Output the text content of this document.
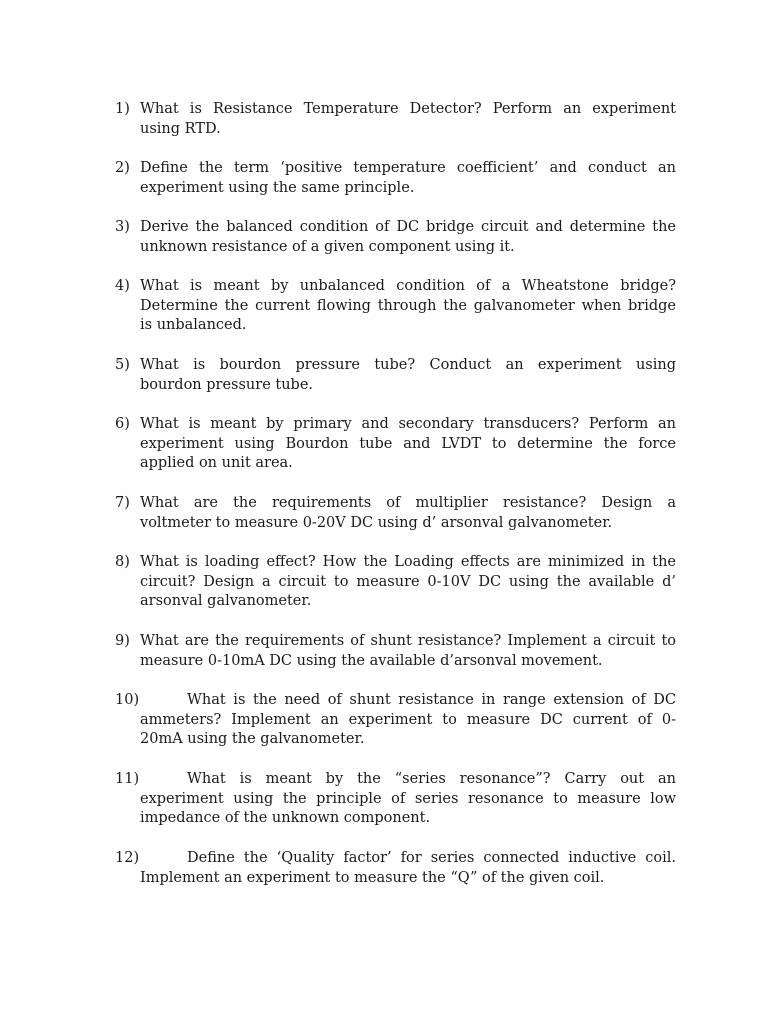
1) What is Resistance Temperature Detector? Perform an experiment
using RTD.
2) Define the term ‘positive temperature coefficient’ and conduct an
experiment using the same principle.
3) Derive the balanced condition of DC bridge circuit and determine the
unknown resistance of a given component using it.
4) What is meant by unbalanced condition of a Wheatstone bridge?
Determine the current flowing through the galvanometer when bridge
is unbalanced.
5) What is bourdon pressure tube? Conduct an experiment using
bourdon pressure tube.
6) What is meant by primary and secondary transducers? Perform an
experiment using Bourdon tube and LVDT to determine the force
applied on unit area.
7) What are the requirements of multiplier resistance? Design a
voltmeter to measure 0-20V DC using d’ arsonval galvanometer.
8) What is loading effect? How the Loading effects are minimized in the
circuit? Design a circuit to measure 0-10V DC using the available d’
arsonval galvanometer.
9) What are the requirements of shunt resistance? Implement a circuit to
measure 0-10mA DC using the available d’arsonval movement.
10)	What is the need of shunt resistance in range extension of DC
ammeters? Implement an experiment to measure DC current of 0-
20mA using the galvanometer.
11)	What is meant by the “series resonance”? Carry out an
experiment using the principle of series resonance to measure low
impedance of the unknown component.
12)	Define the ‘Quality factor’ for series connected inductive coil.
Implement an experiment to measure the “Q” of the given coil.
